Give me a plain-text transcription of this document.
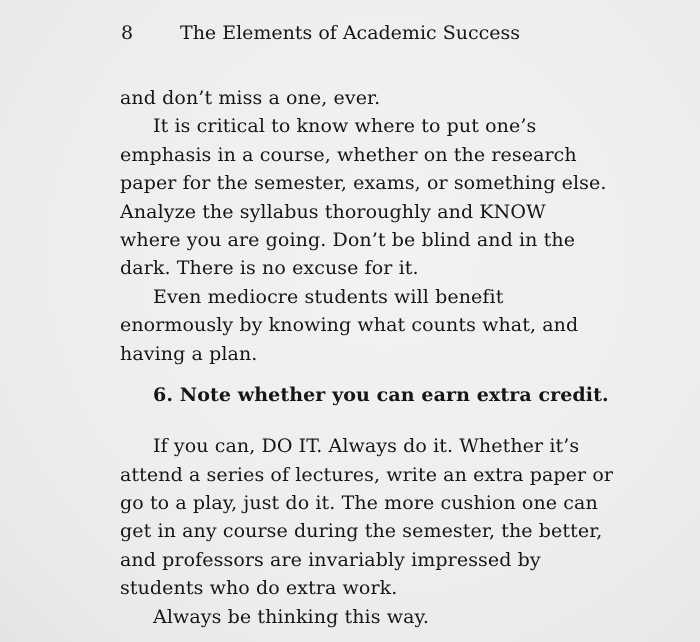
8	The Elements of Academic Success
and don’t miss a one, ever.
It is critical to know where to put one’s
emphasis in a course, whether on the research
paper for the semester, exams, or something else.
Analyze the syllabus thoroughly and KNOW
where you are going. Don’t be blind and in the
dark. There is no excuse for it.
Even mediocre students will benefit
enormously by knowing what counts what, and
having a plan.
6. Note whether you can earn extra credit.
If you can, DO IT. Always do it. Whether it’s
attend a series of lectures, write an extra paper or
go to a play, just do it. The more cushion one can
get in any course during the semester, the better,
and professors are invariably impressed by
students who do extra work.
Always be thinking this way.
